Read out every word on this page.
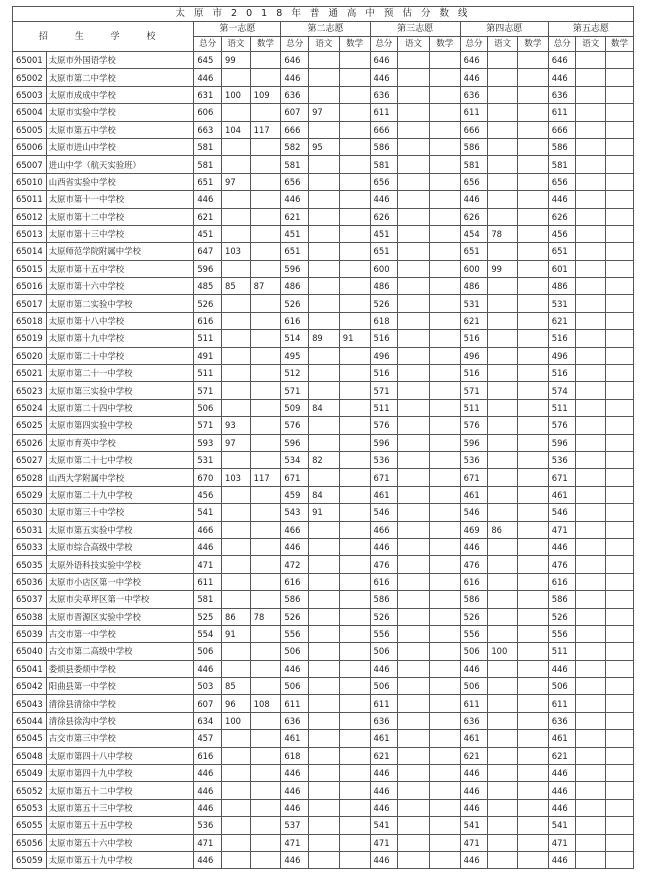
太 原 市 2 0 1 8 年 普 通 高 中 预 估 分 数 线																
招 生 学 校		第一志愿			第二志愿			第三志愿			第四志愿			第五志愿		
		总分	语文	数学	总分	语文	数学	总分	语文	数学	总分	语文	数学	总分	语文	数学
65001	太原市外国语学校	645	99		646			646			646			646		
65002	太原市第二中学校	446			446			446			446			446		
65003	太原市成成中学校	631	100	109	636			636			636			636		
65004	太原市实验中学校	606			607	97		611			611			611		
65005	太原市第五中学校	663	104	117	666			666			666			666		
65006	太原市进山中学校	581			582	95		586			586			586		
65007	进山中学（航天实验班）	581			581			581			581			581		
65010	山西省实验中学校	651	97		656			656			656			656		
65011	太原市第十一中学校	446			446			446			446			446		
65012	太原市第十二中学校	621			621			626			626			626		
65013	太原市第十三中学校	451			451			451			454	78		456		
65014	太原师范学院附属中学校	647	103		651			651			651			651		
65015	太原市第十五中学校	596			596			600			600	99		601		
65016	太原市第十六中学校	485	85	87	486			486			486			486		
65017	太原市第二实验中学校	526			526			526			531			531		
65018	太原市第十八中学校	616			616			618			621			621		
65019	太原市第十九中学校	511			514	89	91	516			516			516		
65020	太原市第二十中学校	491			495			496			496			496		
65021	太原市第二十一中学校	511			512			516			516			516		
65023	太原市第三实验中学校	571			571			571			571			574		
65024	太原市第二十四中学校	506			509	84		511			511			511		
65025	太原市第四实验中学校	571	93		576			576			576			576		
65026	太原市育英中学校	593	97		596			596			596			596		
65027	太原市第二十七中学校	531			534	82		536			536			536		
65028	山西大学附属中学校	670	103	117	671			671			671			671		
65029	太原市第二十九中学校	456			459	84		461			461			461		
65030	太原市第三十中学校	541			543	91		546			546			546		
65031	太原市第五实验中学校	466			466			466			469	86		471		
65033	太原市综合高级中学校	446			446			446			446			446		
65035	太原外语科技实验中学校	471			472			476			476			476		
65036	太原市小店区第一中学校	611			616			616			616			616		
65037	太原市尖草坪区第一中学校	581			586			586			586			586		
65038	太原市晋源区实验中学校	525	86	78	526			526			526			526		
65039	古交市第一中学校	554	91		556			556			556			556		
65040	古交市第二高级中学校	506			506			506			506	100		511		
65041	娄烦县娄烦中学校	446			446			446			446			446		
65042	阳曲县第一中学校	503	85		506			506			506			506		
65043	清徐县清徐中学校	607	96	108	611			611			611			611		
65044	清徐县徐沟中学校	634	100		636			636			636			636		
65045	古交市第三中学校	457			461			461			461			461		
65048	太原市第四十八中学校	616			618			621			621			621		
65049	太原市第四十九中学校	446			446			446			446			446		
65052	太原市第五十二中学校	446			446			446			446			446		
65053	太原市第五十三中学校	446			446			446			446			446		
65055	太原市第五十五中学校	536			537			541			541			541		
65056	太原市第五十六中学校	471			471			471			471			471		
65059	太原市第五十九中学校	446			446			446			446			446		
